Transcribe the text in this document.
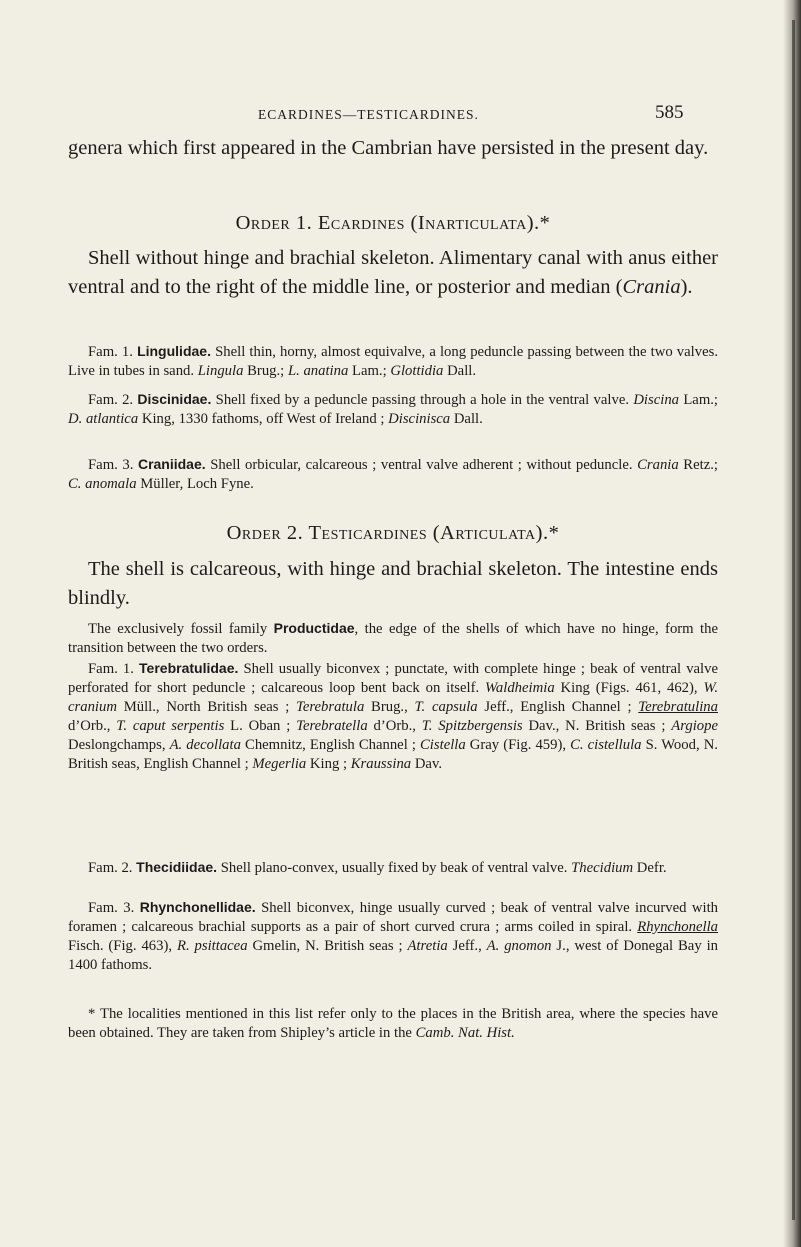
ECARDINES—TESTICARDINES.	585

genera which first appeared in the Cambrian have persisted in the present day.

Order 1. Ecardines (Inarticulata).*

Shell without hinge and brachial skeleton. Alimentary canal with anus either ventral and to the right of the middle line, or posterior and median (Crania).

Fam. 1. Lingulidae. Shell thin, horny, almost equivalve, a long peduncle passing between the two valves. Live in tubes in sand. Lingula Brug.; L. anatina Lam.; Glottidia Dall.

Fam. 2. Discinidae. Shell fixed by a peduncle passing through a hole in the ventral valve. Discina Lam.; D. atlantica King, 1330 fathoms, off West of Ireland ; Discinisca Dall.

Fam. 3. Craniidae. Shell orbicular, calcareous ; ventral valve adherent ; without peduncle. Crania Retz.; C. anomala Müller, Loch Fyne.

Order 2. Testicardines (Articulata).*

The shell is calcareous, with hinge and brachial skeleton. The intestine ends blindly.

The exclusively fossil family Productidae, the edge of the shells of which have no hinge, form the transition between the two orders.

Fam. 1. Terebratulidae. Shell usually biconvex ; punctate, with complete hinge ; beak of ventral valve perforated for short peduncle ; calcareous loop bent back on itself. Waldheimia King (Figs. 461, 462), W. cranium Müll., North British seas ; Terebratula Brug., T. capsula Jeff., English Channel ; Terebratulina d’Orb., T. caput serpentis L. Oban ; Terebratella d’Orb., T. Spitzbergensis Dav., N. British seas ; Argiope Deslongchamps, A. decollata Chemnitz, English Channel ; Cistella Gray (Fig. 459), C. cistellula S. Wood, N. British seas, English Channel ; Megerlia King ; Kraussina Dav.

Fam. 2. Thecidiidae. Shell plano-convex, usually fixed by beak of ventral valve. Thecidium Defr.

Fam. 3. Rhynchonellidae. Shell biconvex, hinge usually curved ; beak of ventral valve incurved with foramen ; calcareous brachial supports as a pair of short curved crura ; arms coiled in spiral. Rhynchonella Fisch. (Fig. 463), R. psittacea Gmelin, N. British seas ; Atretia Jeff., A. gnomon J., west of Donegal Bay in 1400 fathoms.

* The localities mentioned in this list refer only to the places in the British area, where the species have been obtained. They are taken from Shipley’s article in the Camb. Nat. Hist.
